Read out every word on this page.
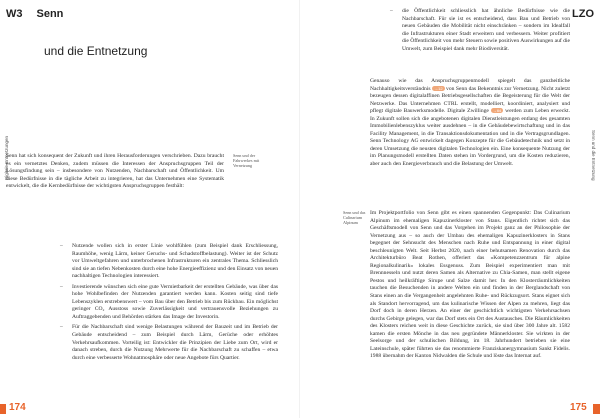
W3 Senn
und die Entnetzung
LZO
Digitale Entnetzungen	Senn und die Entnetzung
Senn und der Fahrwerkes mit Vernetzung
Senn und das Culinarium Alpinum

Senn hat sich konsequent der Zukunft und ihren Herausforderungen verschrieben. Dazu braucht es ein vernetztes Denken, zudem müssen die Interessen der Anspruchsgruppen Teil der Lösungsfindung sein – insbesondere von Nutzenden, Nachbarschaft und Öffentlichkeit. Um diese Bedürfnisse in die tägliche Arbeit zu integrieren, hat das Unternehmen eine Systematik entwickelt, die die Kernbedürfnisse der wichtigsten Anspruchsgruppen festhält:

– Nutzende wollen sich in erster Linie wohlfühlen (zum Beispiel dank Erschliessung, Raumhöhe, wenig Lärm, keiner Geruchs- und Schadstoffbelastung). Weiter ist der Schutz vor Umweltgefahren und unterbrochenen Infrastrukturen ein zentrales Thema. Schliesslich sind sie an tiefen Nebenkosten durch eine hohe Energieeffizienz und den Einsatz von neuen nachhaltigen Technologien interessiert.
– Investierende wünschen sich eine gute Vermietbarkeit der erstellten Gebäude, was über das hohe Wohlbefinden der Nutzenden garantiert werden kann. Kosten seitig sind tiefe Lebenszyklen erstrebenswert – vom Bau über den Betrieb bis zum Rückbau. Ein möglichst geringer CO₂ Ausstoss sowie Zuverlässigkeit und vertrauensvolle Beziehungen zu Auftraggebenden und Behörden stärken das Image der Investorin.
– Für die Nachbarschaft sind wenige Belastungen während der Bauzeit und im Betrieb der Gebäude entscheidend – zum Beispiel durch Lärm, Gerüche oder erhöhtes Verkehrsaufkommen. Vorteilig ist: Entwickler die Prinzipien der Liebe zum Ort, wird er danach streben, durch die Nutzung Mehrwerte für die Nachbarschaft zu schaffen – etwa durch eine verbesserte Wohnatmosphäre oder neue Angebote fürs Quartier.
– die Öffentlichkeit schliesslich hat ähnliche Bedürfnisse wie die Nachbarschaft. Für sie ist es entscheidend, dass Bau und Betrieb von neuen Gebäuden die Mobilität nicht einschränken – sondern im Idealfall die Infrastrukturen einer Stadt erweitern und verbessern. Weiter profitiert die Öffentlichkeit von mehr Steuern sowie positiven Auswirkungen auf die Umwelt, zum Beispiel dank mehr Biodiversität.

Genauso wie das Anspruchsgruppenmodell spiegelt das ganzheitliche Nachhaltigkeitsverständnis →12 von Senn das Bekenntnis zur Vernetzung. Nicht zuletzt bezeugen dessen digitalaffinen Betriebsgesellschaften die Begeisterung für die Welt der Netzwerke. Das Unternehmen CTRL erstellt, modelliert, koordiniert, analysiert und pflegt digitale Bauwerksmodelle. Digitale Zwillinge →64 werden zum Leben erweckt. In Zukunft sollen sich die angebotenen digitalen Dienstleistungen entlang des gesamten Immobilienlebenszyklus weiter ausdehnen – in die Gebäudebewirtschaftung und in das Facility Management, in die Transaktionsdokumentation und in die Vertragsgrundlagen. Senn Technology AG entwickelt dagegen Konzepte für die Gebäudetechnik und setzt in deren Umsetzung die neusten digitalen Technologien ein. Eine konsequente Nutzung der im Planungsmodell erstellten Daten stehen im Vordergrund, um die Kosten reduzieren, aber auch den Energieverbrauch und die Belastung der Umwelt.

Im Projektportfolio von Senn gibt es einen spannenden Gegenpunkt: Das Culinarium Alpinum im ehemaligen Kapuzinerkloster von Stans. Eigentlich richtet sich das Geschäftsmodell von Senn und das Vorgehen im Projekt ganz an der Philosophie der Vernetzung aus – so auch der Umbau des ehemaligen Kapuzinerklosters in Stans begegnet der Sehnsucht des Menschen nach Ruhe und Entspannung in einer digital beschleunigten Welt. Seit Herbst 2020, nach einer behutsamen Renovation durch das Architekturbüro Beat Rothen, offeriert das «Kompetenzzentrum für alpine Regionalkulinarik» lokales Essgenuss. Zum Beispiel experimentiert man mit Brennnesseln und nutzt deren Samen als Alternative zu Chia-Samen, man stellt eigene Pestos und heilkräftige Sirupe und Salze damit her. In den Klosterräumlichkeiten tauchen die Besuchenden in andere Welten ein und finden in der Berglandschaft von Stans einen an die Vergangenheit angelehnten Ruhe- und Rückzugsort. Stans eignet sich als Standort hervorragend, um das kulinarische Wissen der Alpen zu mehren, liegt das Dorf doch in deren Herzen. An einer der geschichtlich wichtigsten Verkehrsachsen durchs Gebirge gelegen, war das Dorf stets ein Ort des Austausches. Die Räumlichkeiten des Klosters reichen weit in diese Geschichte zurück, sie sind über 300 Jahre alt. 1582 kamen die ersten Mönche in das neu gegründete Männerkloster. Sie wirkten in der Seelsorge und der schulischen Bildung, im 18. Jahrhundert betrieben sie eine Lateinschule, später führten sie das renommierte Franziskanergymnasium Sankt Fidelis. 1988 übernahm der Kanton Nidwalden die Schule und löste das Internat auf.

174	175
